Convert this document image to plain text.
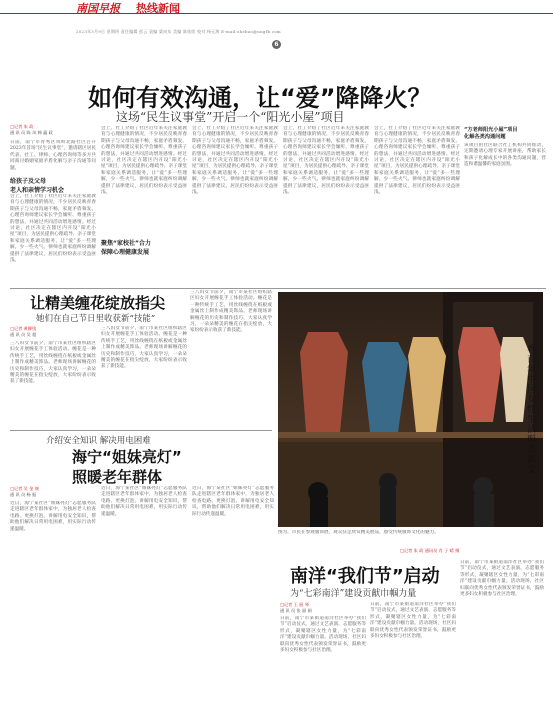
南国早报 热线新闻
2023年3月9日 星期四 责任编辑 彭云 责编 梁向东 美编 陈欣欣 校对 杨元海 E-mail:zhebao@nngfb.com
6
如何有效沟通，让“爱”降降火？
这场“民生议事堂”开启一个“阳光小屋”项目
□记者 朱 政
通 讯 员 陈 凤 韩 蕴 政
日前，南宁市青秀区凤岭北路社区召开2023年首场“民生议事堂”，邀请辖区居民代表、社工、律师、心理咨询师等多方共同商讨婚姻家庭矛盾化解与亲子沟通等问题。
给孩子及父母
老人和亲情学习机会
会上，社工介绍了社区近年来关注家庭教育与心理健康的情况，不少居民反映青春期孩子与父母沟通不畅，家庭矛盾频发。心理咨询师建议家长学会倾听、尊重孩子的想法，并通过共同活动增进感情。经过讨论，社区决定在辖区内开设“阳光小屋”项目，为居民提供心理疏导、亲子课堂和家庭关系调适服务，让“爱”多一些理解，少一些火气。律师也就家庭纠纷调解提供了法律建议，居民们纷纷表示受益匪浅。
会上，社工介绍了社区近年来关注家庭教育与心理健康的情况，不少居民反映青春期孩子与父母沟通不畅，家庭矛盾频发。心理咨询师建议家长学会倾听、尊重孩子的想法，并通过共同活动增进感情。经过讨论，社区决定在辖区内开设“阳光小屋”项目，为居民提供心理疏导、亲子课堂和家庭关系调适服务，让“爱”多一些理解，少一些火气。律师也就家庭纠纷调解提供了法律建议，居民们纷纷表示受益匪浅。
会上，社工介绍了社区近年来关注家庭教育与心理健康的情况，不少居民反映青春期孩子与父母沟通不畅，家庭矛盾频发。心理咨询师建议家长学会倾听、尊重孩子的想法，并通过共同活动增进感情。经过讨论，社区决定在辖区内开设“阳光小屋”项目，为居民提供心理疏导、亲子课堂和家庭关系调适服务，让“爱”多一些理解，少一些火气。律师也就家庭纠纷调解提供了法律建议，居民们纷纷表示受益匪浅。
聚焦“家校社”合力
保障心理健康发展
会上，社工介绍了社区近年来关注家庭教育与心理健康的情况，不少居民反映青春期孩子与父母沟通不畅，家庭矛盾频发。心理咨询师建议家长学会倾听、尊重孩子的想法，并通过共同活动增进感情。经过讨论，社区决定在辖区内开设“阳光小屋”项目，为居民提供心理疏导、亲子课堂和家庭关系调适服务，让“爱”多一些理解，少一些火气。律师也就家庭纠纷调解提供了法律建议，居民们纷纷表示受益匪浅。
会上，社工介绍了社区近年来关注家庭教育与心理健康的情况，不少居民反映青春期孩子与父母沟通不畅，家庭矛盾频发。心理咨询师建议家长学会倾听、尊重孩子的想法，并通过共同活动增进感情。经过讨论，社区决定在辖区内开设“阳光小屋”项目，为居民提供心理疏导、亲子课堂和家庭关系调适服务，让“爱”多一些理解，少一些火气。律师也就家庭纠纷调解提供了法律建议，居民们纷纷表示受益匪浅。
“方老师阳光小屋”项目
化解各类沟通问题
该项目由社区联合社工机构共同推动，定期邀请心理专家开展讲座，帮助家长和孩子化解成长中的各类沟通问题，营造和谐温馨的家庭氛围。
让精美缠花绽放指尖
她们在自己节日里收获新“技能”
□记者 黄柳钱
通 讯 员 吴 超
三八妇女节前夕，南宁市某社区组织辖区妇女开展缠花手工体验活动。缠花是一种传统手工艺，用丝线缠绕在纸板或金属丝上制作成精美饰品。老师现场讲解缠花的历史和制作技巧，大家认真学习，一朵朵精美的缠花在指尖绽放，大家纷纷表示收获了新技能。
三八妇女节前夕，南宁市某社区组织辖区妇女开展缠花手工体验活动。缠花是一种传统手工艺，用丝线缠绕在纸板或金属丝上制作成精美饰品。老师现场讲解缠花的历史和制作技巧，大家认真学习，一朵朵精美的缠花在指尖绽放，大家纷纷表示收获了新技能。
三八妇女节前夕，南宁市某社区组织辖区妇女开展缠花手工体验活动。缠花是一种传统手工艺，用丝线缠绕在纸板或金属丝上制作成精美饰品。老师现场讲解缠花的历史和制作技巧，大家认真学习，一朵朵精美的缠花在指尖绽放，大家纷纷表示收获了新技能。
看百年中国女性生活形态演变
图为，市民在参观服饰展，观众驻足欣赏精美展品，感受传统服饰文化的魅力。
□记者 朱 政 通讯员 肖 子 晴 摄
介绍安全知识 解决用电困难
海宁“姐妹亮灯”
照暖老年群体
□记者 吴 金 康
通 讯 员 杨 振
近日，海宁某社区“姐妹亮灯”志愿服务队走进辖区老年群体家中，为独居老人检查电路、更换灯泡、讲解用电安全知识，帮助他们解决日常用电困难，用实际行动传递温暖。
近日，海宁某社区“姐妹亮灯”志愿服务队走进辖区老年群体家中，为独居老人检查电路、更换灯泡、讲解用电安全知识，帮助他们解决日常用电困难，用实际行动传递温暖。
近日，海宁某社区“姐妹亮灯”志愿服务队走进辖区老年群体家中，为独居老人检查电路、更换灯泡、讲解用电安全知识，帮助他们解决日常用电困难，用实际行动传递温暖。
南洋“我们节”启动
为“七彩南洋”建设贡献巾帼力量
□记者 王 丽 琴
通 讯 员 张 丽 娟
日前，南宁市某街道南洋社区举办“我们节”启动仪式，通过文艺表演、志愿服务等形式，凝聚辖区女性力量，为“七彩南洋”建设贡献巾帼力量。活动现场，社区妇联向优秀女性代表颁发荣誉证书，鼓励更多妇女积极参与社区治理。
日前，南宁市某街道南洋社区举办“我们节”启动仪式，通过文艺表演、志愿服务等形式，凝聚辖区女性力量，为“七彩南洋”建设贡献巾帼力量。活动现场，社区妇联向优秀女性代表颁发荣誉证书，鼓励更多妇女积极参与社区治理。
日前，南宁市某街道南洋社区举办“我们节”启动仪式，通过文艺表演、志愿服务等形式，凝聚辖区女性力量，为“七彩南洋”建设贡献巾帼力量。活动现场，社区妇联向优秀女性代表颁发荣誉证书，鼓励更多妇女积极参与社区治理。
